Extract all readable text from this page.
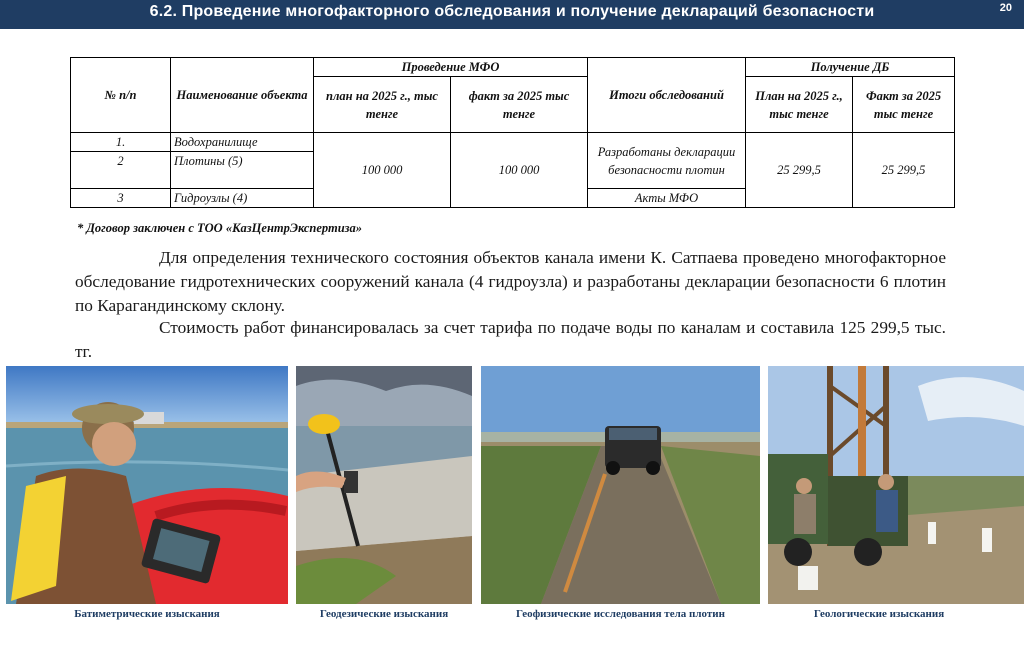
6.2. Проведение многофакторного обследования и получение деклараций безопасности	20
№ п/п	Наименование объекта	Проведение МФО		Итоги обследований	Получение ДБ	
		план на 2025 г., тыс тенге	факт за 2025 тыс тенге		План на 2025 г., тыс тенге	Факт за 2025 тыс тенге
1.	Водохранилище	100 000	100 000	Разработаны декларации безопасности плотин	25 299,5	25 299,5
2	Плотины (5)					
3	Гидроузлы (4)			Акты МФО		
* Договор заключен с ТОО «КазЦентрЭкспертиза»
Для определения технического состояния объектов канала имени К. Сатпаева проведено многофакторное обследование гидротехнических сооружений канала (4 гидроузла) и разработаны декларации безопасности 6 плотин по Карагандинскому склону.
Стоимость работ финансировалась за счет тарифа по подаче воды по каналам и составила 125 299,5 тыс. тг.
Батиметрические изыскания	Геодезические изыскания	Геофизические исследования тела плотин	Геологические изыскания
